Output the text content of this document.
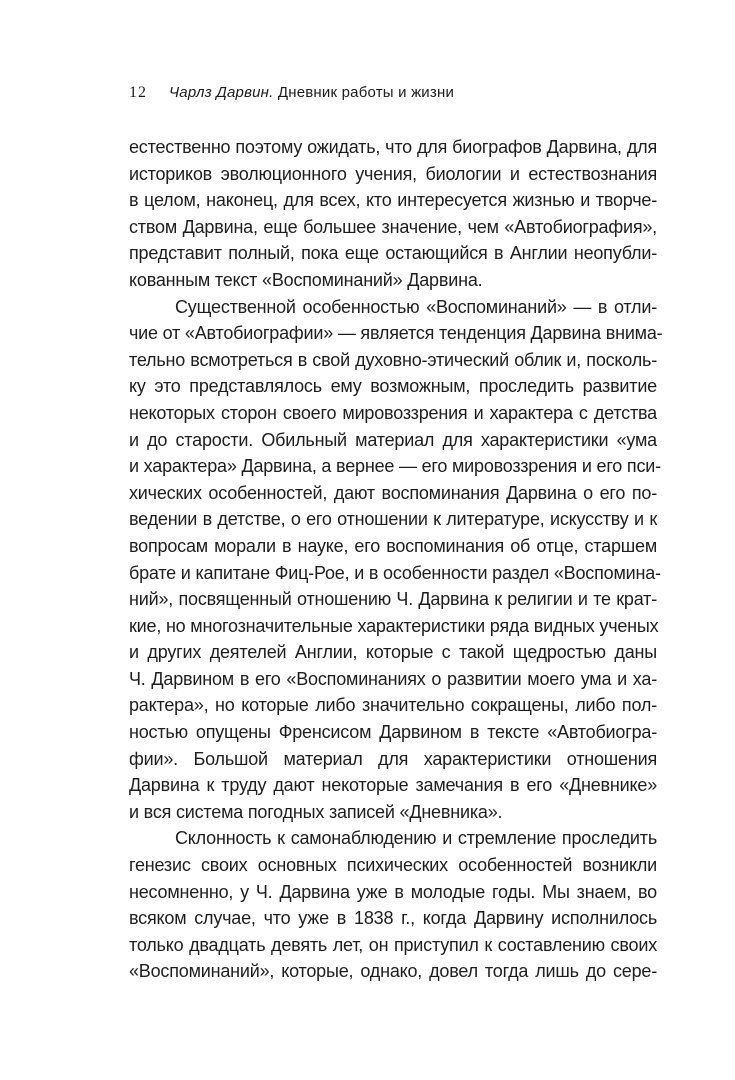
12 Чарлз Дарвин. Дневник работы и жизни
естественно поэтому ожидать, что для биографов Дарвина, для
историков эволюционного учения, биологии и естествознания
в целом, наконец, для всех, кто интересуется жизнью и творче-
ством Дарвина, еще большее значение, чем «Автобиография»,
представит полный, пока еще остающийся в Англии неопубли-
кованным текст «Воспоминаний» Дарвина.
Существенной особенностью «Воспоминаний» — в отли-
чие от «Автобиографии» — является тенденция Дарвина внима-
тельно всмотреться в свой духовно-этический облик и, посколь-
ку это представлялось ему возможным, проследить развитие
некоторых сторон своего мировоззрения и характера с детства
и до старости. Обильный материал для характеристики «ума
и характера» Дарвина, а вернее — его мировоззрения и его пси-
хических особенностей, дают воспоминания Дарвина о его по-
ведении в детстве, о его отношении к литературе, искусству и к
вопросам морали в науке, его воспоминания об отце, старшем
брате и капитане Фиц-Рое, и в особенности раздел «Воспомина-
ний», посвященный отношению Ч. Дарвина к религии и те крат-
кие, но многозначительные характеристики ряда видных ученых
и других деятелей Англии, которые с такой щедростью даны
Ч. Дарвином в его «Воспоминаниях о развитии моего ума и ха-
рактера», но которые либо значительно сокращены, либо пол-
ностью опущены Френсисом Дарвином в тексте «Автобиогра-
фии». Большой материал для характеристики отношения
Дарвина к труду дают некоторые замечания в его «Дневнике»
и вся система погодных записей «Дневника».
Склонность к самонаблюдению и стремление проследить
генезис своих основных психических особенностей возникли
несомненно, у Ч. Дарвина уже в молодые годы. Мы знаем, во
всяком случае, что уже в 1838 г., когда Дарвину исполнилось
только двадцать девять лет, он приступил к составлению своих
«Воспоминаний», которые, однако, довел тогда лишь до сере-
